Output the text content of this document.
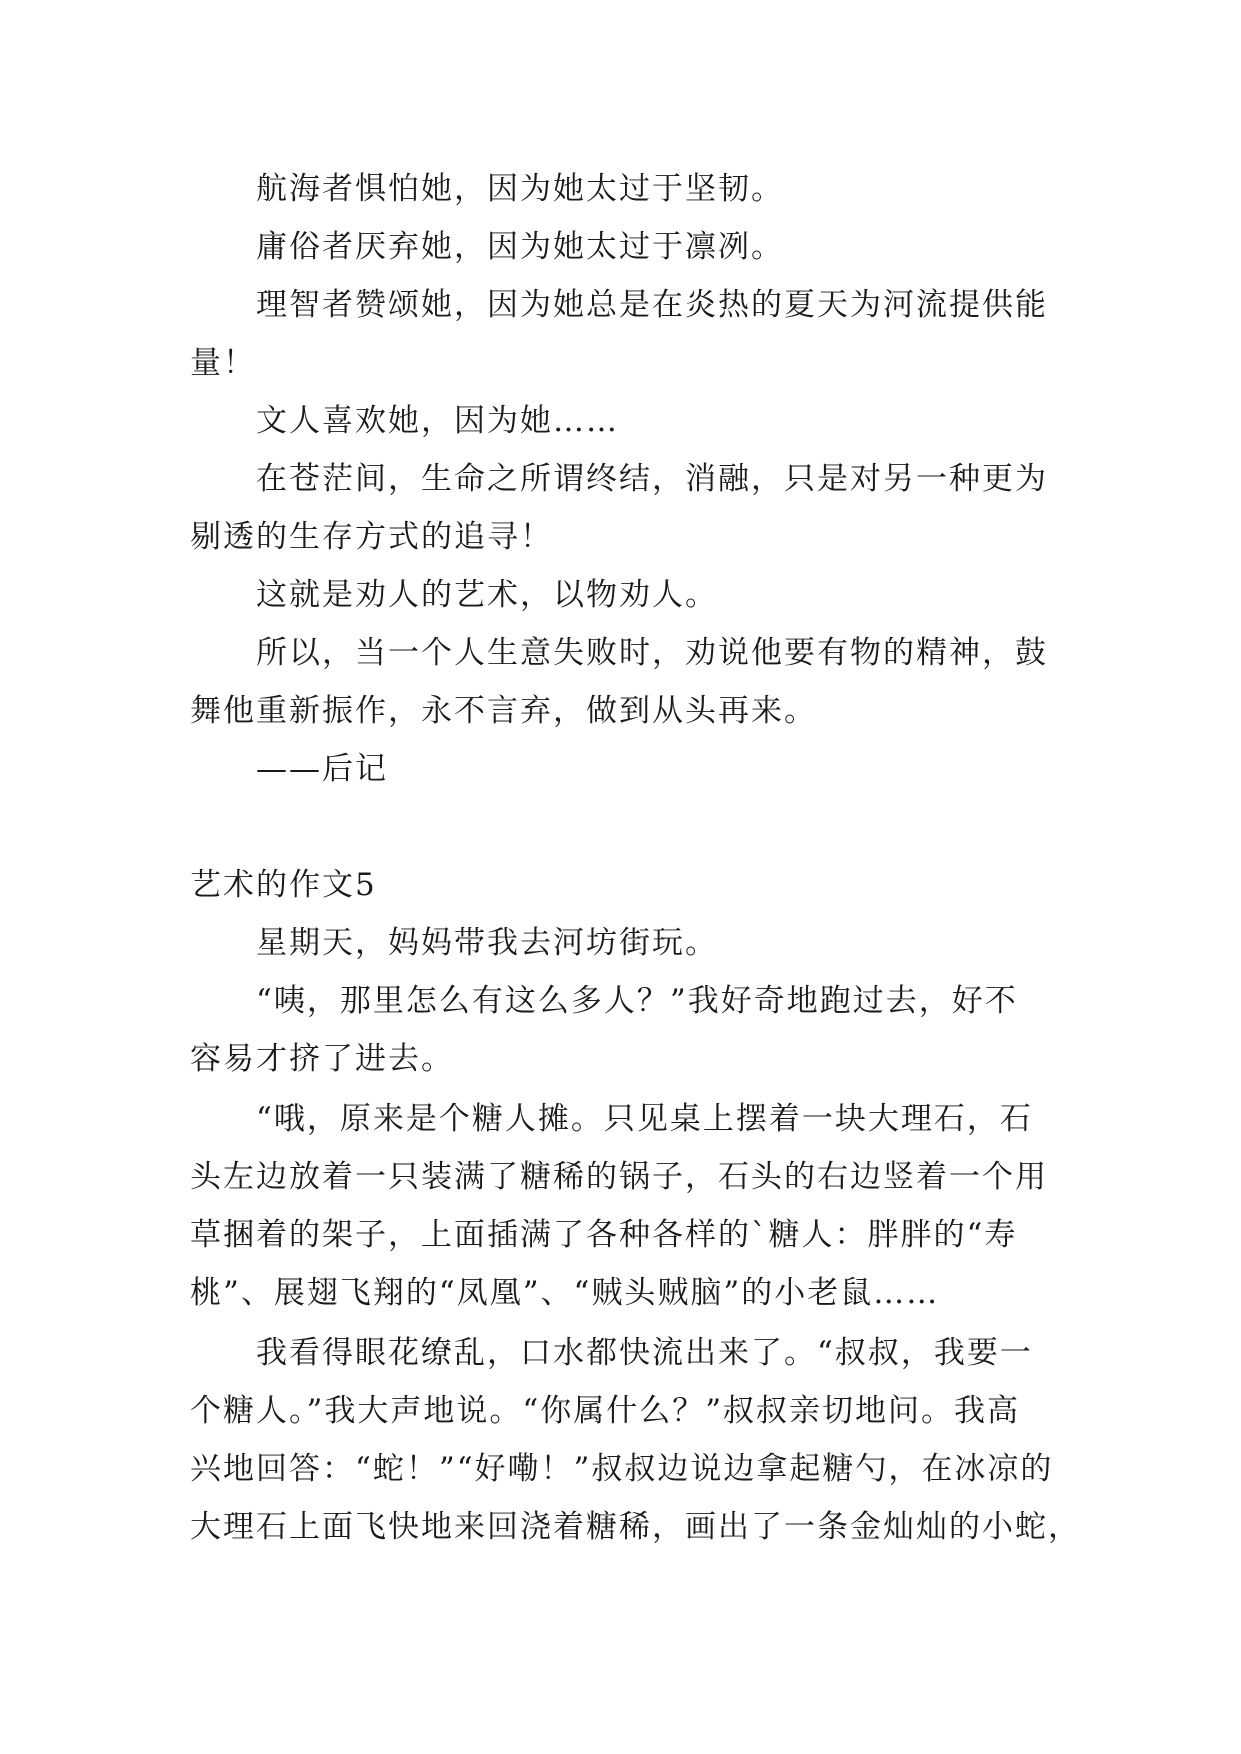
航海者惧怕她，因为她太过于坚韧。
庸俗者厌弃她，因为她太过于凛冽。
理智者赞颂她，因为她总是在炎热的夏天为河流提供能
量！
文人喜欢她，因为她……
在苍茫间，生命之所谓终结，消融，只是对另一种更为
剔透的生存方式的追寻！
这就是劝人的艺术，以物劝人。
所以，当一个人生意失败时，劝说他要有物的精神，鼓
舞他重新振作，永不言弃，做到从头再来。
——后记
艺术的作文5
星期天，妈妈带我去河坊街玩。
“咦，那里怎么有这么多人？”我好奇地跑过去，好不
容易才挤了进去。
“哦，原来是个糖人摊。只见桌上摆着一块大理石，石
头左边放着一只装满了糖稀的锅子，石头的右边竖着一个用
草捆着的架子，上面插满了各种各样的`糖人：胖胖的“寿
桃”、展翅飞翔的“凤凰”、“贼头贼脑”的小老鼠……
我看得眼花缭乱，口水都快流出来了。“叔叔，我要一
个糖人。”我大声地说。“你属什么？”叔叔亲切地问。我高
兴地回答：“蛇！”“好嘞！”叔叔边说边拿起糖勺，在冰凉的
大理石上面飞快地来回浇着糖稀，画出了一条金灿灿的小蛇，
